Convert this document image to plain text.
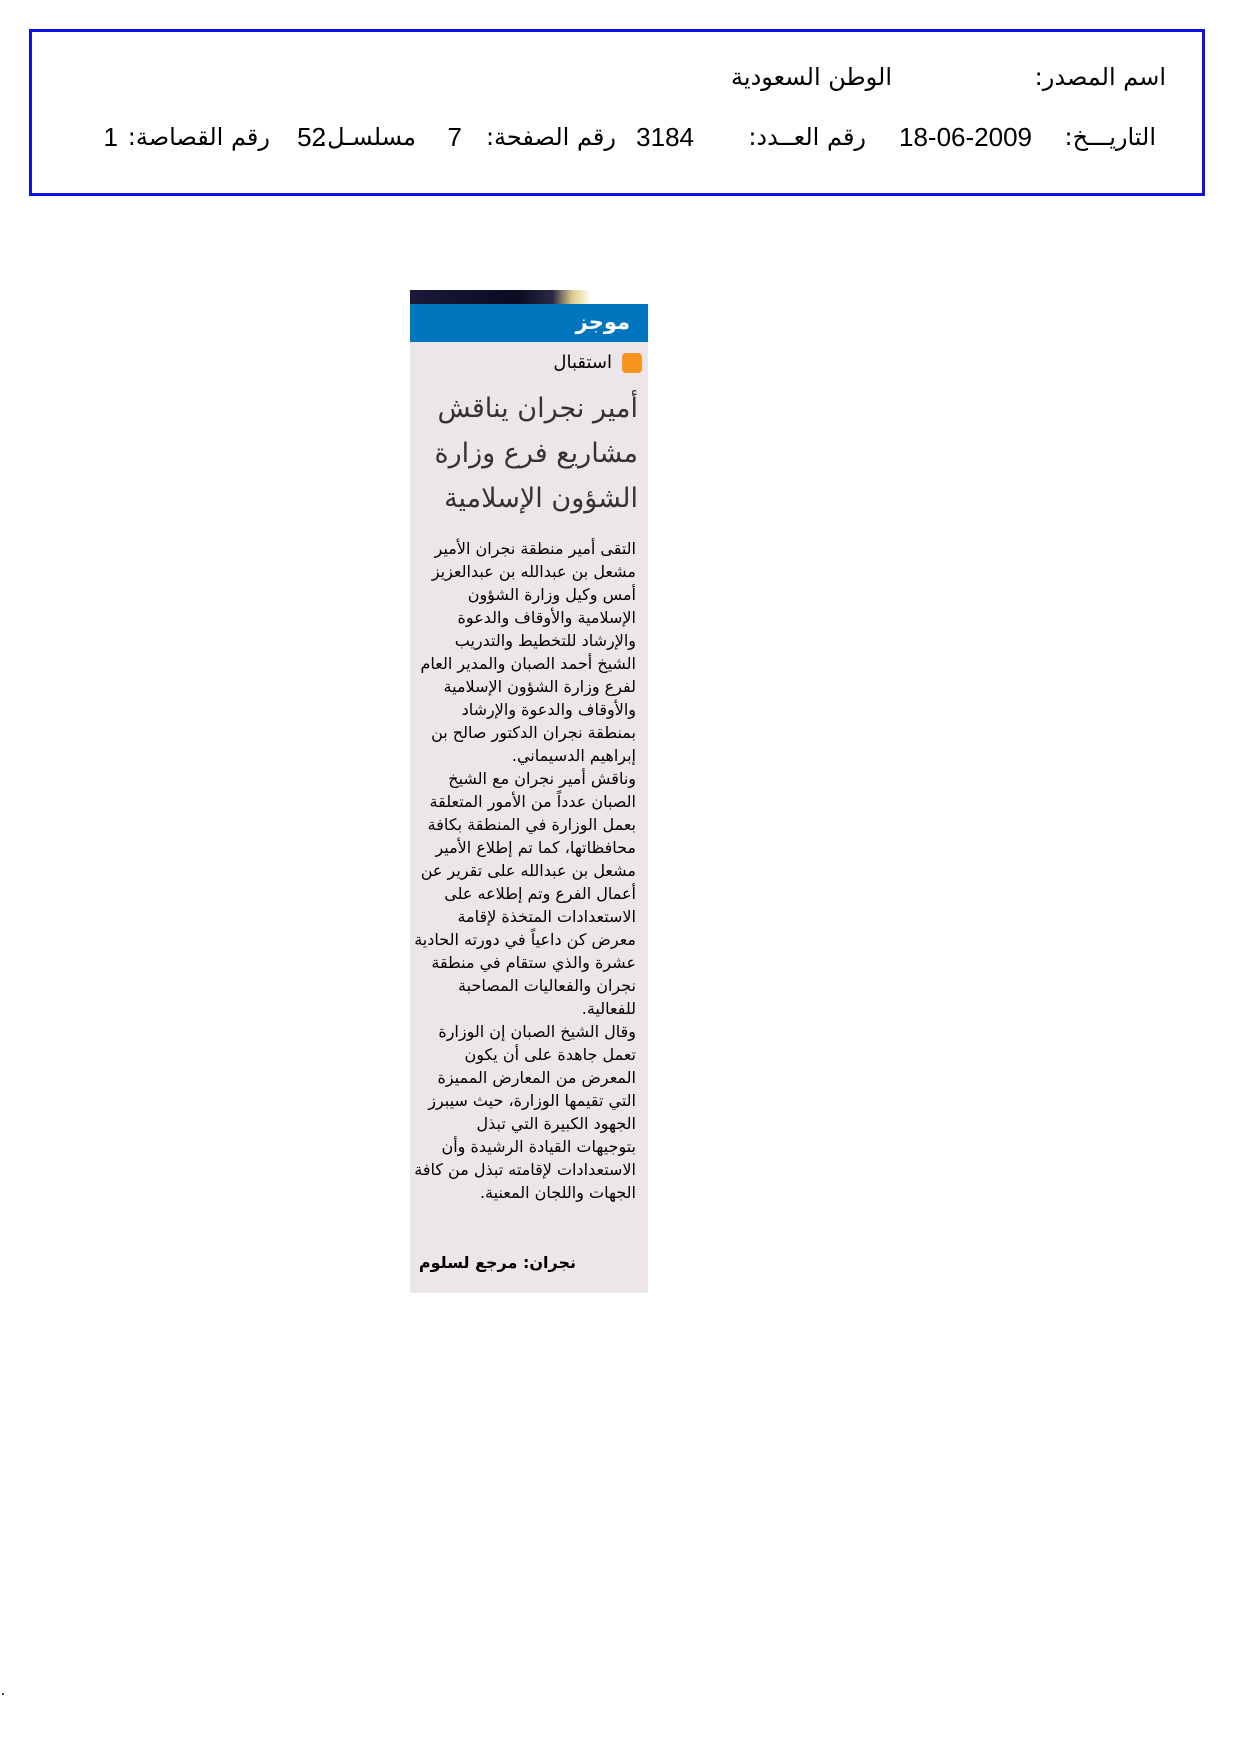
اسم المصدر:
الوطن السعودية
التاريـــخ:
18-06-2009
رقم العــدد:
3184
رقم الصفحة:
7
مسلسـل:
52
رقم القصاصة:
1
موجز
استقبال
أمير نجران يناقش
مشاريع فرع وزارة
الشؤون الإسلامية

التقى أمير منطقة نجران الأمير مشعل بن عبدالله بن عبدالعزيز أمس وكيل وزارة الشؤون الإسلامية والأوقاف والدعوة والإرشاد للتخطيط والتدريب الشيخ أحمد الصبان والمدير العام لفرع وزارة الشؤون الإسلامية والأوقاف والدعوة والإرشاد بمنطقة نجران الدكتور صالح بن إبراهيم الدسيماني.

وناقش أمير نجران مع الشيخ الصبان عدداً من الأمور المتعلقة بعمل الوزارة في المنطقة بكافة محافظاتها، كما تم إطلاع الأمير مشعل بن عبدالله على تقرير عن أعمال الفرع وتم إطلاعه على الاستعدادات المتخذة لإقامة معرض كن داعياً في دورته الحادية عشرة والذي ستقام في منطقة نجران والفعاليات المصاحبة للفعالية.

وقال الشيخ الصبان إن الوزارة تعمل جاهدة على أن يكون المعرض من المعارض المميزة التي تقيمها الوزارة، حيث سيبرز الجهود الكبيرة التي تبذل بتوجيهات القيادة الرشيدة وأن الاستعدادات لإقامته تبذل من كافة الجهات واللجان المعنية.

نجران: مرجع لسلوم
